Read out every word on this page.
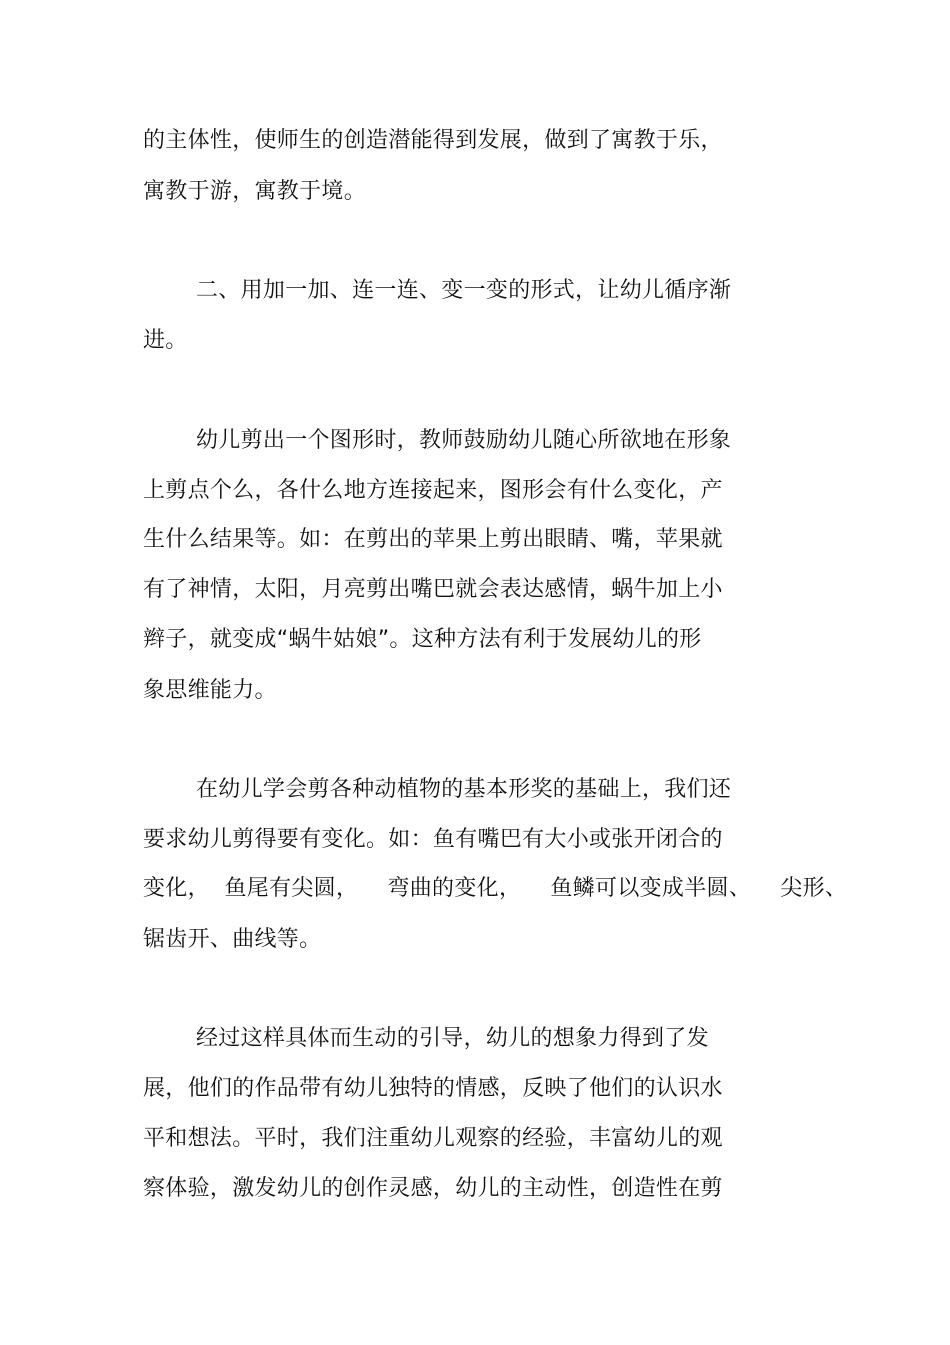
的主体性，使师生的创造潜能得到发展，做到了寓教于乐，
寓教于游，寓教于境。
二、用加一加、连一连、变一变的形式，让幼儿循序渐
进。
幼儿剪出一个图形时，教师鼓励幼儿随心所欲地在形象
上剪点个么，各什么地方连接起来，图形会有什么变化，产
生什么结果等。如：在剪出的苹果上剪出眼睛、嘴，苹果就
有了神情，太阳，月亮剪出嘴巴就会表达感情，蜗牛加上小
辫子，就变成“蜗牛姑娘”。这种方法有利于发展幼儿的形
象思维能力。
在幼儿学会剪各种动植物的基本形奖的基础上，我们还
要求幼儿剪得要有变化。如：鱼有嘴巴有大小或张开闭合的
变化，  鱼尾有尖圆，    弯曲的变化，    鱼鳞可以变成半圆、    尖形、
锯齿开、曲线等。
经过这样具体而生动的引导，幼儿的想象力得到了发
展，他们的作品带有幼儿独特的情感，反映了他们的认识水
平和想法。平时，我们注重幼儿观察的经验，丰富幼儿的观
察体验，激发幼儿的创作灵感，幼儿的主动性，创造性在剪
